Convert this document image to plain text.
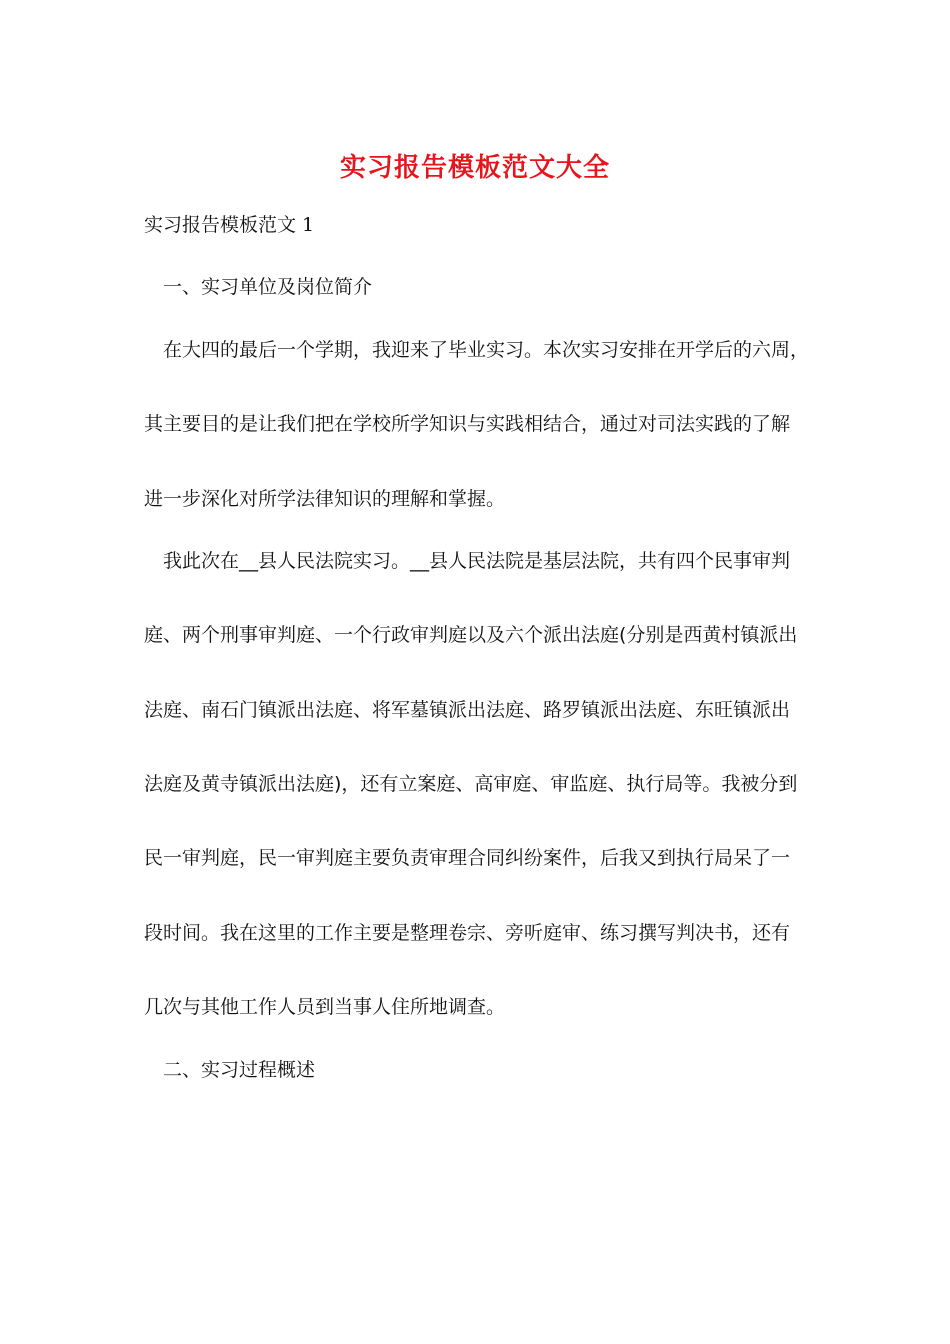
实习报告模板范文大全
实习报告模板范文 1
一、实习单位及岗位简介
在大四的最后一个学期，我迎来了毕业实习。本次实习安排在开学后的六周，
其主要目的是让我们把在学校所学知识与实践相结合，通过对司法实践的了解
进一步深化对所学法律知识的理解和掌握。
我此次在__县人民法院实习。__县人民法院是基层法院，共有四个民事审判
庭、两个刑事审判庭、一个行政审判庭以及六个派出法庭(分别是西黄村镇派出
法庭、南石门镇派出法庭、将军墓镇派出法庭、路罗镇派出法庭、东旺镇派出
法庭及黄寺镇派出法庭)，还有立案庭、高审庭、审监庭、执行局等。我被分到
民一审判庭，民一审判庭主要负责审理合同纠纷案件，后我又到执行局呆了一
段时间。我在这里的工作主要是整理卷宗、旁听庭审、练习撰写判决书，还有
几次与其他工作人员到当事人住所地调查。
二、实习过程概述
